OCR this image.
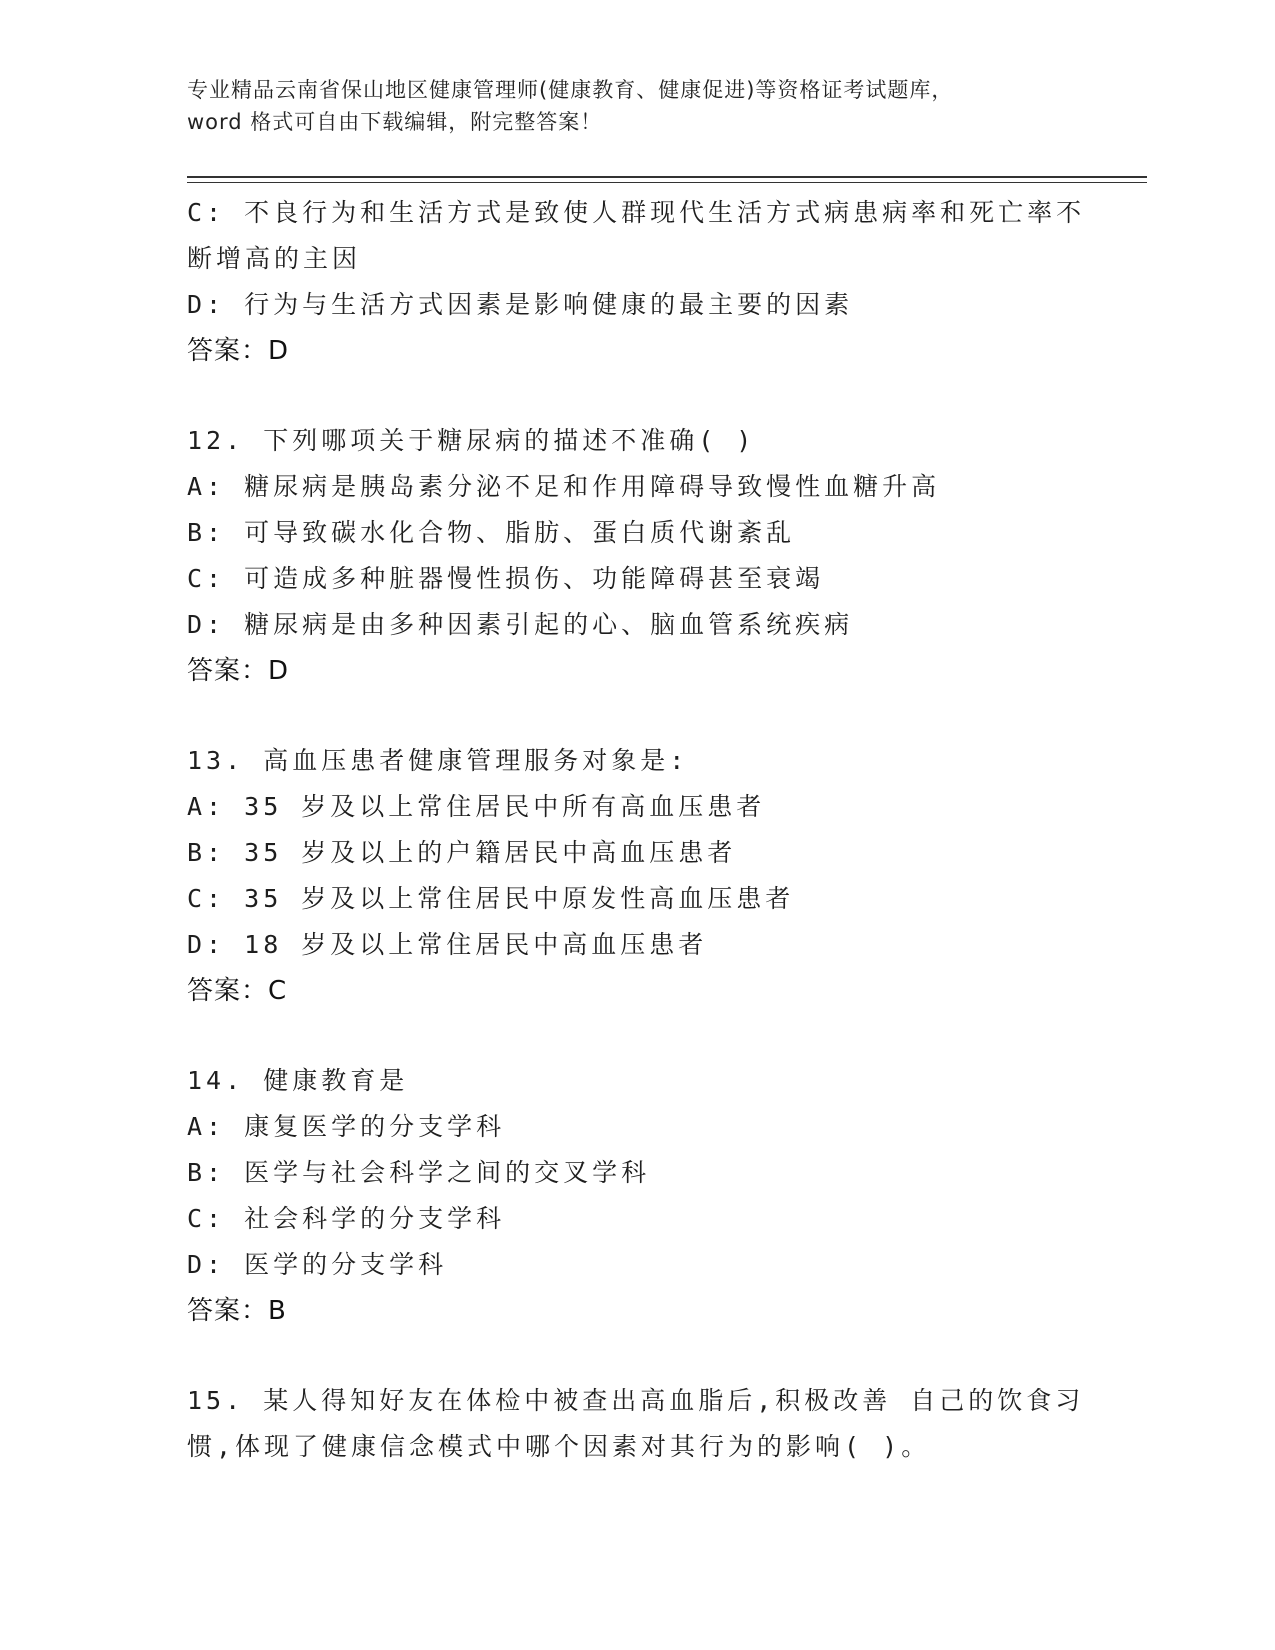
专业精品云南省保山地区健康管理师(健康教育、健康促进)等资格证考试题库，
word 格式可自由下载编辑，附完整答案！
C: 不良行为和生活方式是致使人群现代生活方式病患病率和死亡率不
断增高的主因
D: 行为与生活方式因素是影响健康的最主要的因素
答案：D
12. 下列哪项关于糖尿病的描述不准确( )
A: 糖尿病是胰岛素分泌不足和作用障碍导致慢性血糖升高
B: 可导致碳水化合物、脂肪、蛋白质代谢紊乱
C: 可造成多种脏器慢性损伤、功能障碍甚至衰竭
D: 糖尿病是由多种因素引起的心、脑血管系统疾病
答案：D
13. 高血压患者健康管理服务对象是:
A: 35 岁及以上常住居民中所有高血压患者
B: 35 岁及以上的户籍居民中高血压患者
C: 35 岁及以上常住居民中原发性高血压患者
D: 18 岁及以上常住居民中高血压患者
答案：C
14. 健康教育是
A: 康复医学的分支学科
B: 医学与社会科学之间的交叉学科
C: 社会科学的分支学科
D: 医学的分支学科
答案：B
15. 某人得知好友在体检中被查出高血脂后,积极改善 自己的饮食习
惯,体现了健康信念模式中哪个因素对其行为的影响( )。
